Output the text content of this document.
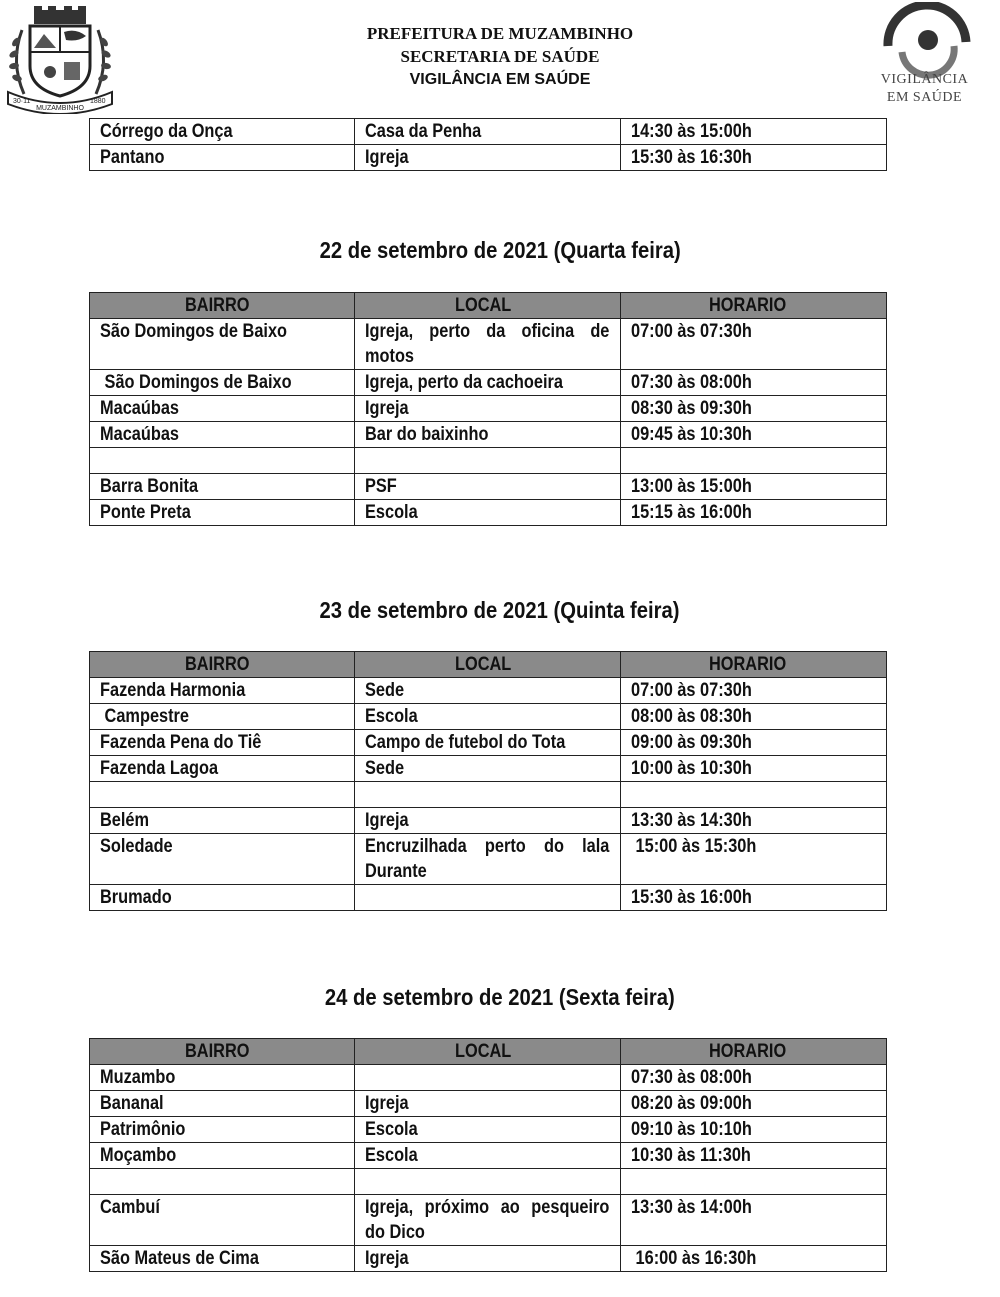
30·11
MUZAMBINHO
1880
PREFEITURA DE MUZAMBINHO
SECRETARIA DE SAÚDE
VIGILÂNCIA EM SAÚDE	VIGILÂNCIA
EM SAÚDE
Córrego da Onça	Casa da Penha	14:30 às 15:00h
Pantano	Igreja	15:30 às 16:30h
22 de setembro de 2021 (Quarta feira)
BAIRRO	LOCAL	HORARIO
São Domingos de Baixo	Igreja, perto da oficina de motos	07:00 às 07:30h
São Domingos de Baixo	Igreja, perto da cachoeira	07:30 às 08:00h
Macaúbas	Igreja	08:30 às 09:30h
Macaúbas	Bar do baixinho	09:45 às 10:30h

Barra Bonita	PSF	13:00 às 15:00h
Ponte Preta	Escola	15:15 às 16:00h
23 de setembro de 2021 (Quinta feira)
BAIRRO	LOCAL	HORARIO
Fazenda Harmonia	Sede	07:00 às 07:30h
Campestre	Escola	08:00 às 08:30h
Fazenda Pena do Tiê	Campo de futebol do Tota	09:00 às 09:30h
Fazenda Lagoa	Sede	10:00 às 10:30h

Belém	Igreja	13:30 às 14:30h
Soledade	Encruzilhada perto do lala Durante	15:00 às 15:30h
Brumado		15:30 às 16:00h
24 de setembro de 2021 (Sexta feira)
BAIRRO	LOCAL	HORARIO
Muzambo		07:30 às 08:00h
Bananal	Igreja	08:20 às 09:00h
Patrimônio	Escola	09:10 às 10:10h
Moçambo	Escola	10:30 às 11:30h

Cambuí	Igreja, próximo ao pesqueiro do Dico	13:30 às 14:00h
São Mateus de Cima	Igreja	16:00 às 16:30h
